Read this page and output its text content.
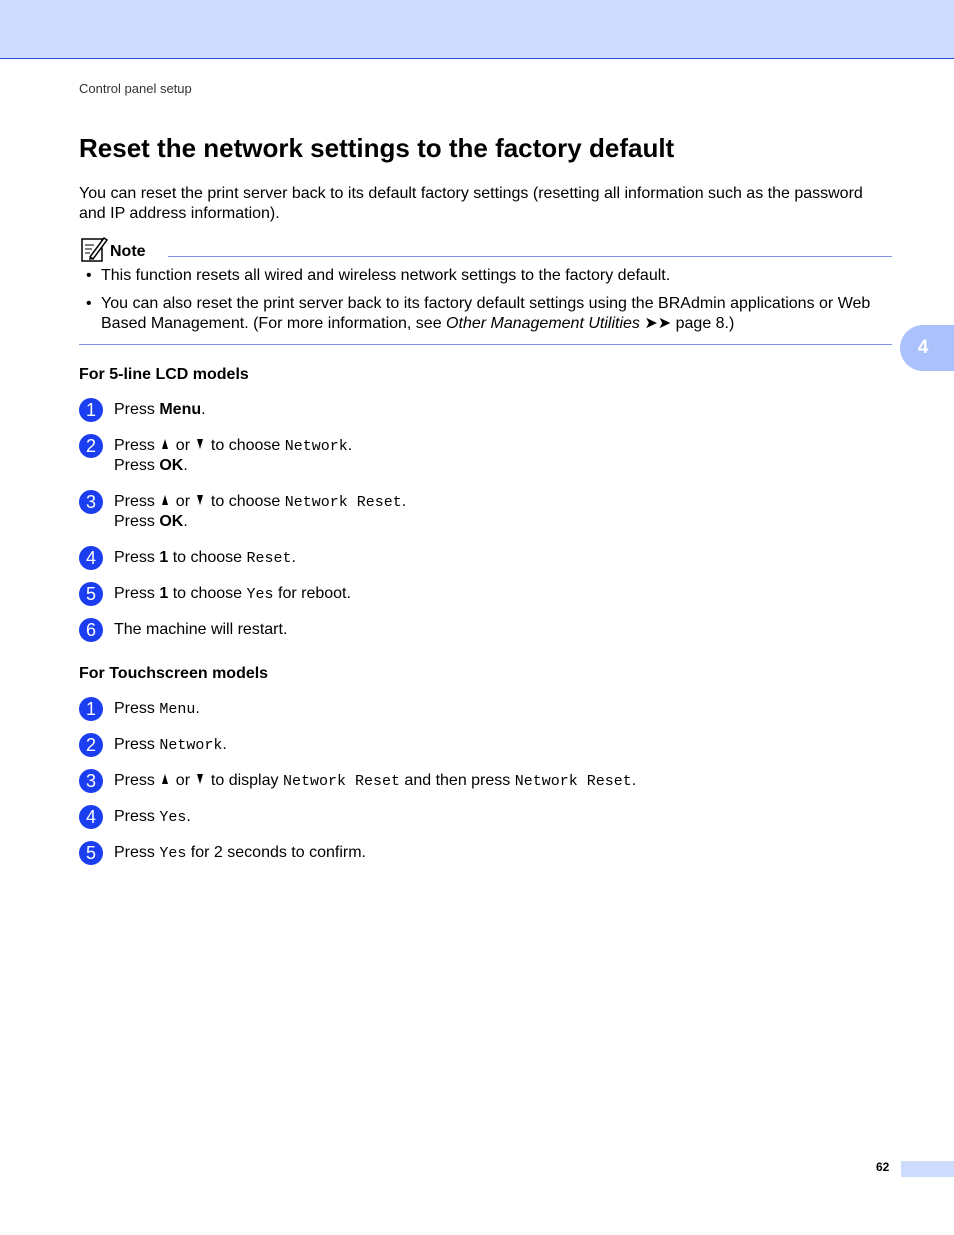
Control panel setup
Reset the network settings to the factory default

You can reset the print server back to its default factory settings (resetting all information such as the password and IP address information).

Note
• This function resets all wired and wireless network settings to the factory default.
• You can also reset the print server back to its factory default settings using the BRAdmin applications or Web Based Management. (For more information, see Other Management Utilities ➤➤ page 8.)
4
For 5-line LCD models
1	Press Menu.
2	Press  or  to choose Network.
Press OK.
3	Press  or  to choose Network Reset.
Press OK.
4	Press 1 to choose Reset.
5	Press 1 to choose Yes for reboot.
6	The machine will restart.
For Touchscreen models
1	Press Menu.
2	Press Network.
3	Press  or  to display Network Reset and then press Network Reset.
4	Press Yes.
5	Press Yes for 2 seconds to confirm.
62
